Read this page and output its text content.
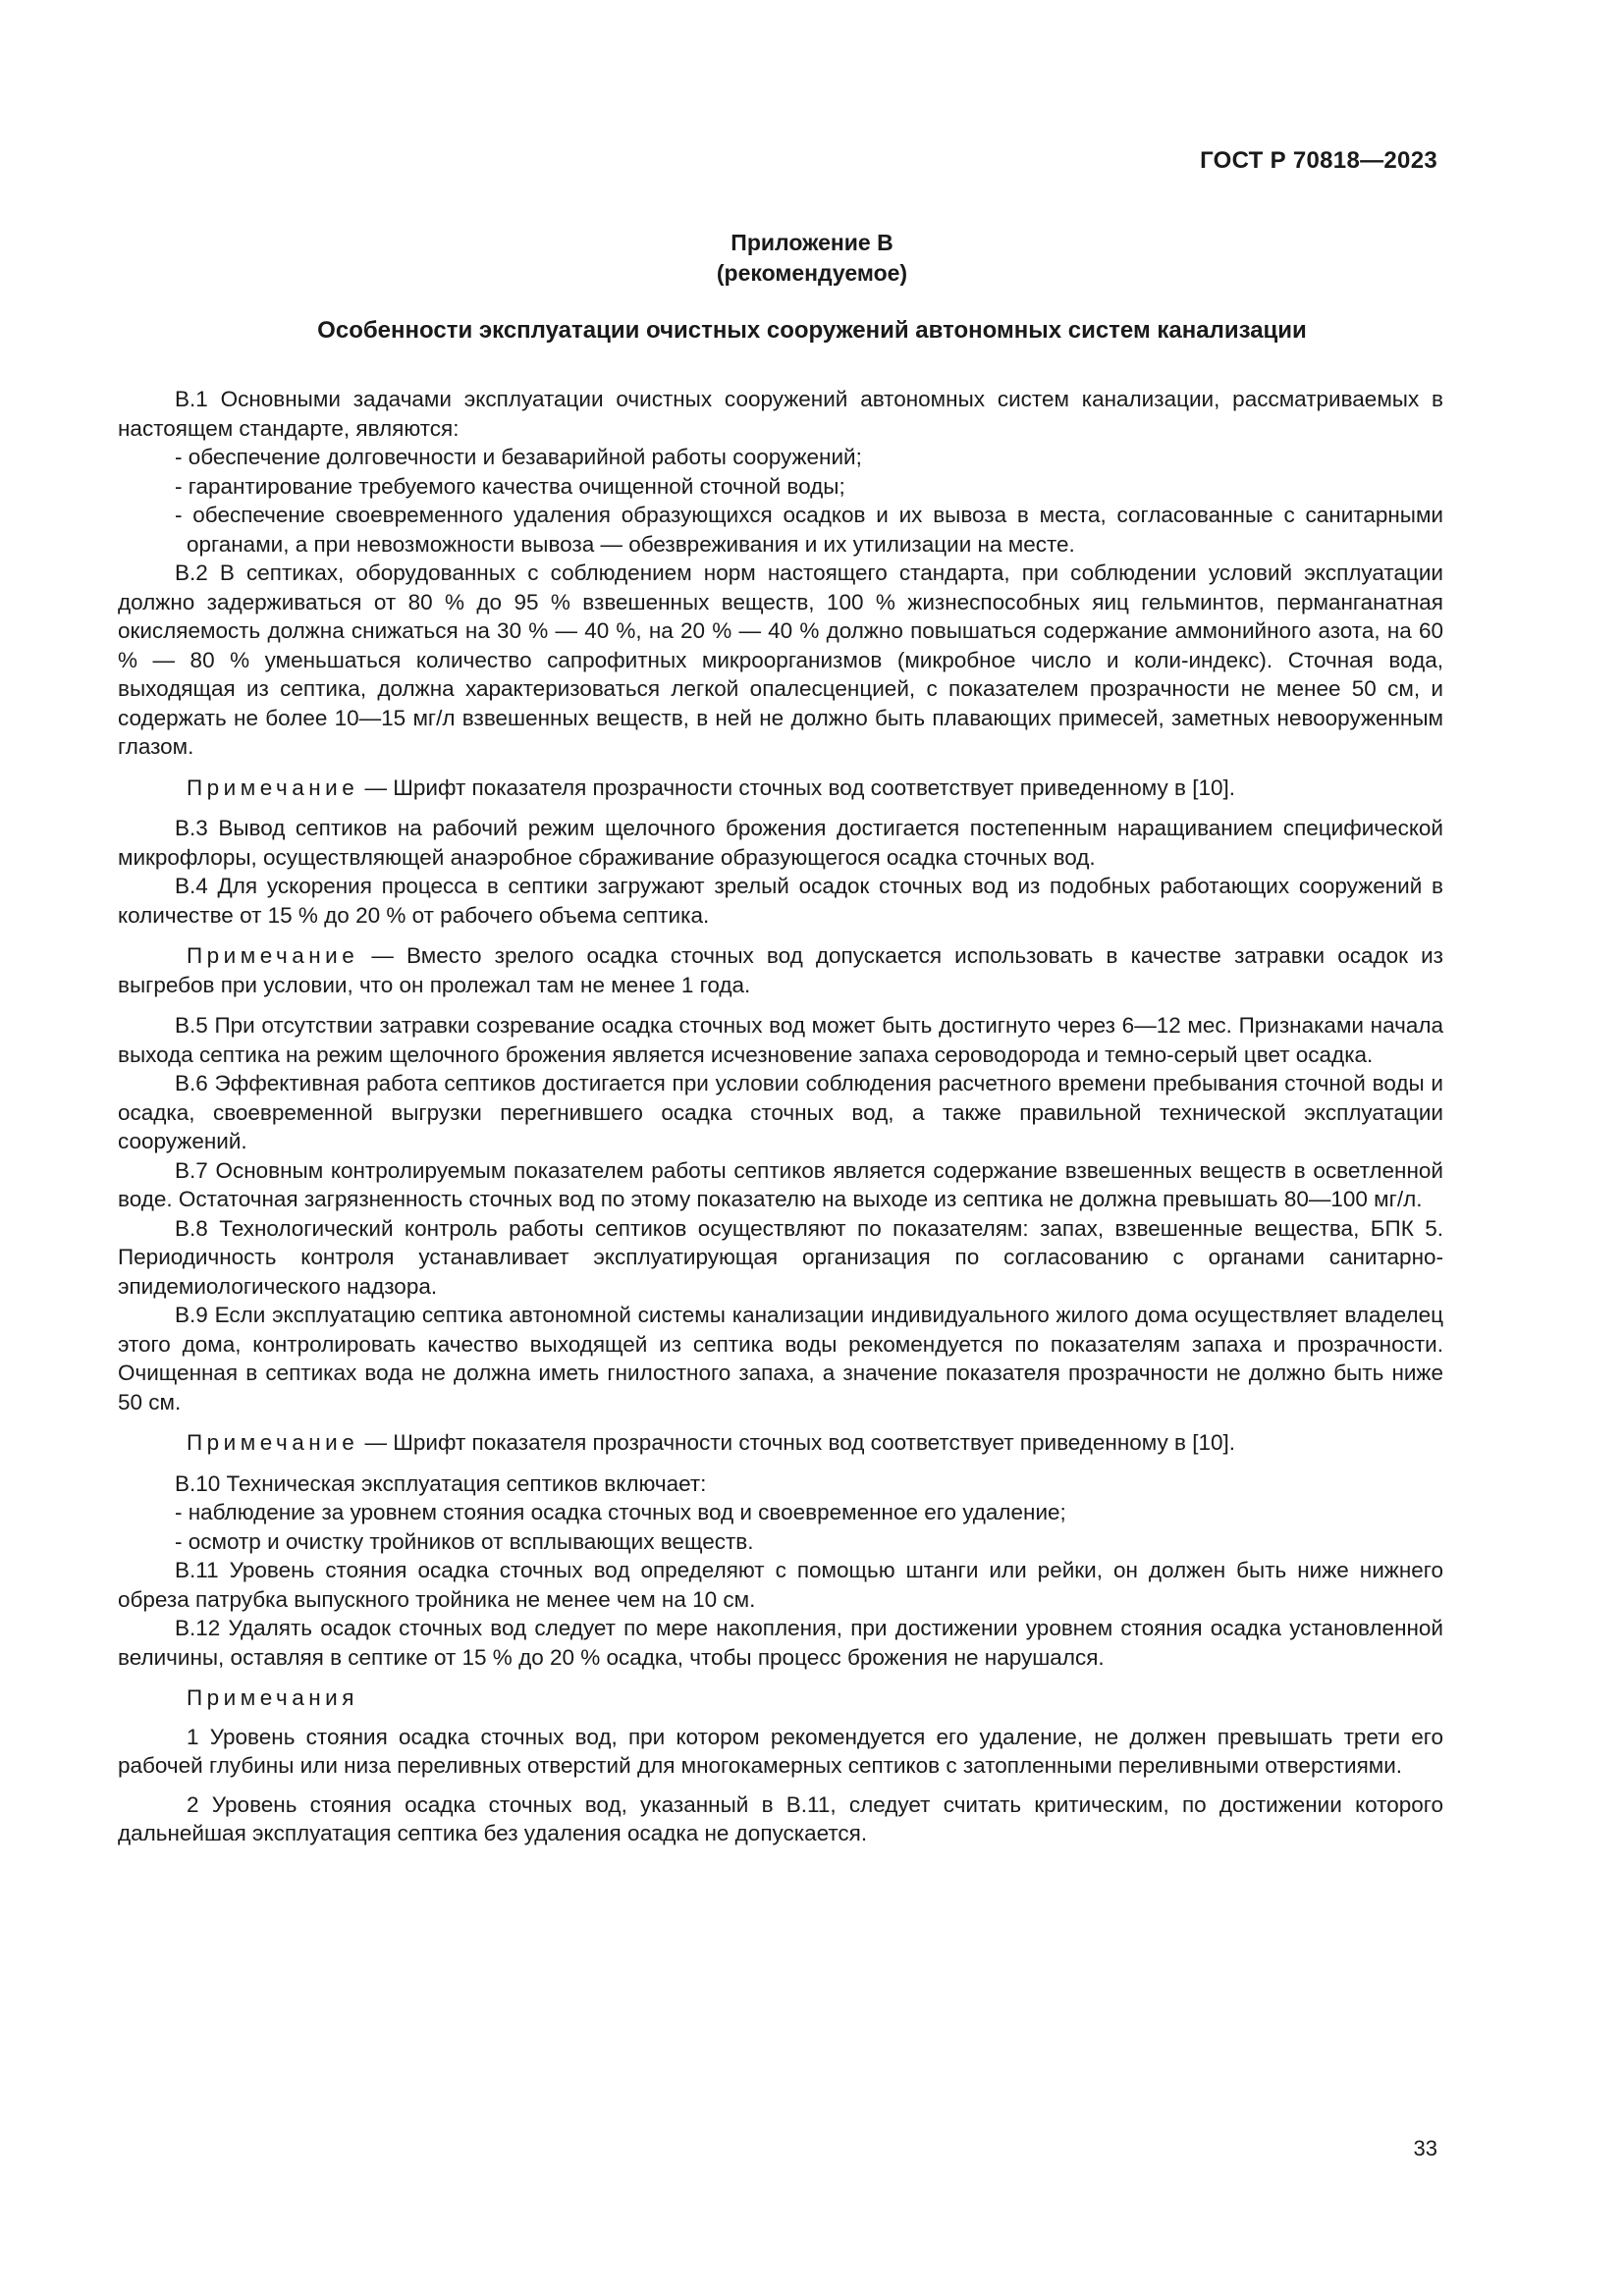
ГОСТ Р 70818—2023
Приложение В
(рекомендуемое)
Особенности эксплуатации очистных сооружений автономных систем канализации

В.1 Основными задачами эксплуатации очистных сооружений автономных систем канализации, рассматриваемых в настоящем стандарте, являются:

- обеспечение долговечности и безаварийной работы сооружений;

- гарантирование требуемого качества очищенной сточной воды;

- обеспечение своевременного удаления образующихся осадков и их вывоза в места, согласованные с санитарными органами, а при невозможности вывоза — обезвреживания и их утилизации на месте.

В.2 В септиках, оборудованных с соблюдением норм настоящего стандарта, при соблюдении условий эксплуатации должно задерживаться от 80 % до 95 % взвешенных веществ, 100 % жизнеспособных яиц гельминтов, перманганатная окисляемость должна снижаться на 30 % — 40 %, на 20 % — 40 % должно повышаться содержание аммонийного азота, на 60 % — 80 % уменьшаться количество сапрофитных микроорганизмов (микробное число и коли-индекс). Сточная вода, выходящая из септика, должна характеризоваться легкой опалесценцией, с показателем прозрачности не менее 50 см, и содержать не более 10—15 мг/л взвешенных веществ, в ней не должно быть плавающих примесей, заметных невооруженным глазом.

Примечание — Шрифт показателя прозрачности сточных вод соответствует приведенному в [10].

В.3 Вывод септиков на рабочий режим щелочного брожения достигается постепенным наращиванием специфической микрофлоры, осуществляющей анаэробное сбраживание образующегося осадка сточных вод.

В.4 Для ускорения процесса в септики загружают зрелый осадок сточных вод из подобных работающих сооружений в количестве от 15 % до 20 % от рабочего объема септика.

Примечание — Вместо зрелого осадка сточных вод допускается использовать в качестве затравки осадок из выгребов при условии, что он пролежал там не менее 1 года.

В.5 При отсутствии затравки созревание осадка сточных вод может быть достигнуто через 6—12 мес. Признаками начала выхода септика на режим щелочного брожения является исчезновение запаха сероводорода и темно-серый цвет осадка.

В.6 Эффективная работа септиков достигается при условии соблюдения расчетного времени пребывания сточной воды и осадка, своевременной выгрузки перегнившего осадка сточных вод, а также правильной технической эксплуатации сооружений.

В.7 Основным контролируемым показателем работы септиков является содержание взвешенных веществ в осветленной воде. Остаточная загрязненность сточных вод по этому показателю на выходе из септика не должна превышать 80—100 мг/л.

В.8 Технологический контроль работы септиков осуществляют по показателям: запах, взвешенные вещества, БПК 5. Периодичность контроля устанавливает эксплуатирующая организация по согласованию с органами санитарно-эпидемиологического надзора.

В.9 Если эксплуатацию септика автономной системы канализации индивидуального жилого дома осуществляет владелец этого дома, контролировать качество выходящей из септика воды рекомендуется по показателям запаха и прозрачности. Очищенная в септиках вода не должна иметь гнилостного запаха, а значение показателя прозрачности не должно быть ниже 50 см.

Примечание — Шрифт показателя прозрачности сточных вод соответствует приведенному в [10].

В.10 Техническая эксплуатация септиков включает:

- наблюдение за уровнем стояния осадка сточных вод и своевременное его удаление;

- осмотр и очистку тройников от всплывающих веществ.

В.11 Уровень стояния осадка сточных вод определяют с помощью штанги или рейки, он должен быть ниже нижнего обреза патрубка выпускного тройника не менее чем на 10 см.

В.12 Удалять осадок сточных вод следует по мере накопления, при достижении уровнем стояния осадка установленной величины, оставляя в септике от 15 % до 20 % осадка, чтобы процесс брожения не нарушался.

Примечания

1 Уровень стояния осадка сточных вод, при котором рекомендуется его удаление, не должен превышать трети его рабочей глубины или низа переливных отверстий для многокамерных септиков с затопленными переливными отверстиями.

2 Уровень стояния осадка сточных вод, указанный в В.11, следует считать критическим, по достижении которого дальнейшая эксплуатация септика без удаления осадка не допускается.

33
